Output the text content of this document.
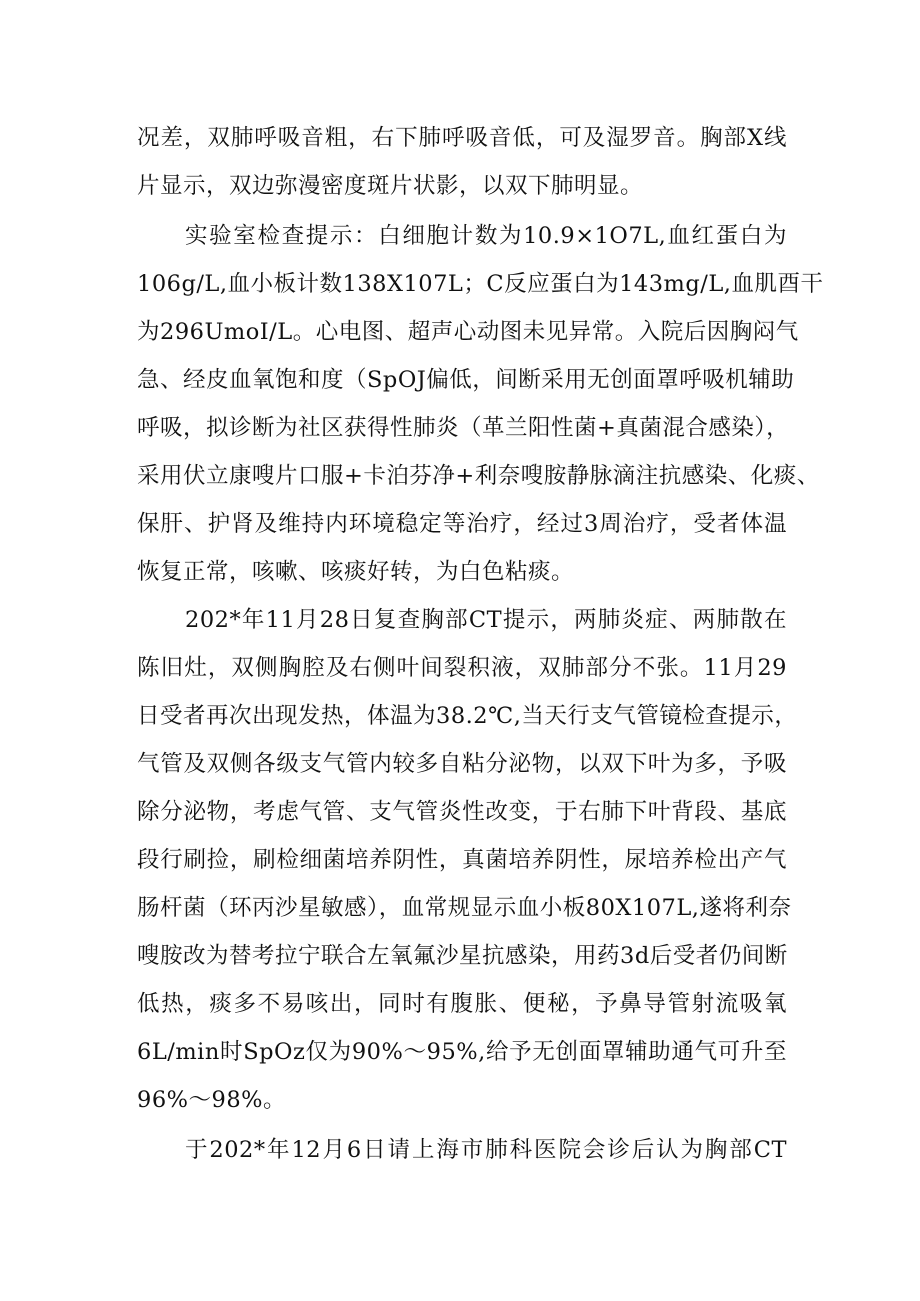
况差，双肺呼吸音粗，右下肺呼吸音低，可及湿罗音。胸部X线
片显示，双边弥漫密度斑片状影，以双下肺明显。
实验室检查提示：白细胞计数为10.9×1O7L,血红蛋白为
106g∕L,血小板计数138X107L；C反应蛋白为143mg∕L,血肌酉干
为296UmoI/L。心电图、超声心动图未见异常。入院后因胸闷气
急、经皮血氧饱和度（SpOJ偏低，间断采用无创面罩呼吸机辅助
呼吸，拟诊断为社区获得性肺炎（革兰阳性菌+真菌混合感染），
采用伏立康嗖片口服+卡泊芬净+利奈嗖胺静脉滴注抗感染、化痰、
保肝、护肾及维持内环境稳定等治疗，经过3周治疗，受者体温
恢复正常，咳嗽、咳痰好转，为白色粘痰。
202*年11月28日复查胸部CT提示，两肺炎症、两肺散在
陈旧灶，双侧胸腔及右侧叶间裂积液，双肺部分不张。11月29
日受者再次出现发热，体温为38.2℃,当天行支气管镜检查提示，
气管及双侧各级支气管内较多自粘分泌物，以双下叶为多，予吸
除分泌物，考虑气管、支气管炎性改变，于右肺下叶背段、基底
段行刷捡，刷检细菌培养阴性，真菌培养阴性，尿培养检出产气
肠杆菌（环丙沙星敏感），血常规显示血小板80X107L,遂将利奈
嗖胺改为替考拉宁联合左氧氟沙星抗感染，用药3d后受者仍间断
低热，痰多不易咳出，同时有腹胀、便秘，予鼻导管射流吸氧
6L/min时SpOz仅为90%～95%,给予无创面罩辅助通气可升至
96%～98%。
于202*年12月6日请上海市肺科医院会诊后认为胸部CT
